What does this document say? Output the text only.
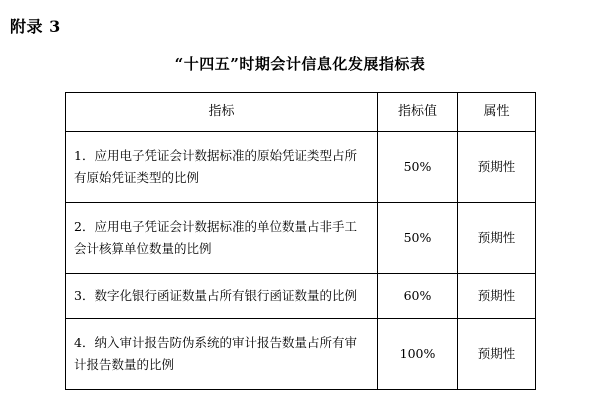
附录 3
“十四五”时期会计信息化发展指标表
指标	指标值	属性
1．应用电子凭证会计数据标准的原始凭证类型占所有原始凭证类型的比例	50%	预期性
2．应用电子凭证会计数据标准的单位数量占非手工会计核算单位数量的比例	50%	预期性
3．数字化银行函证数量占所有银行函证数量的比例	60%	预期性
4．纳入审计报告防伪系统的审计报告数量占所有审计报告数量的比例	100%	预期性
